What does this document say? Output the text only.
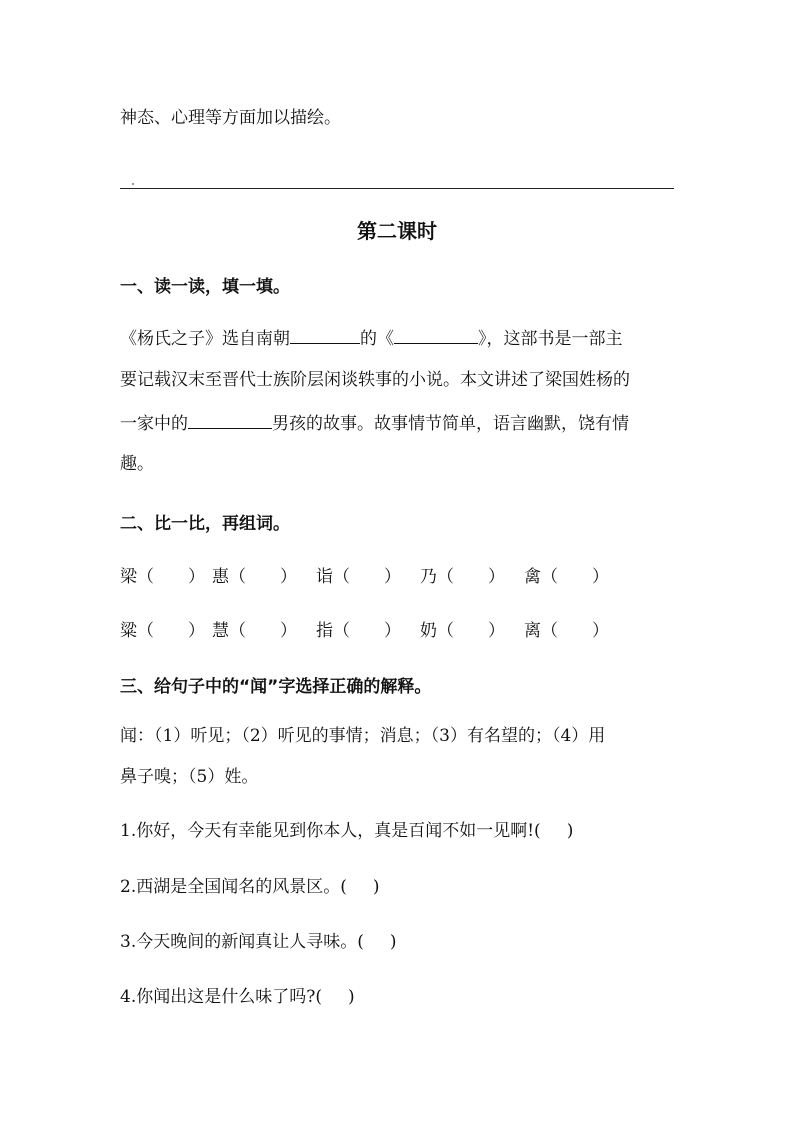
神态、心理等方面加以描绘。
第二课时
一、读一读，填一填。
《杨氏之子》选自南朝	的《	》，这部书是一部主
要记载汉末至晋代士族阶层闲谈轶事的小说。本文讲述了梁国姓杨的
一家中的	男孩的故事。故事情节简单，语言幽默，饶有情
趣。
二、比一比，再组词。
梁（ ） 惠（ ） 诣（ ） 乃（ ） 禽（ ）
粱（ ） 慧（ ） 指（ ） 奶（ ） 离（ ）
三、给句子中的“闻”字选择正确的解释。
闻：（1）听见；（2）听见的事情；消息；（3）有名望的；（4）用
鼻子嗅；（5）姓。
1.你好，今天有幸能见到你本人，真是百闻不如一见啊!( )
2.西湖是全国闻名的风景区。( )
3.今天晚间的新闻真让人寻味。( )
4.你闻出这是什么味了吗?( )
